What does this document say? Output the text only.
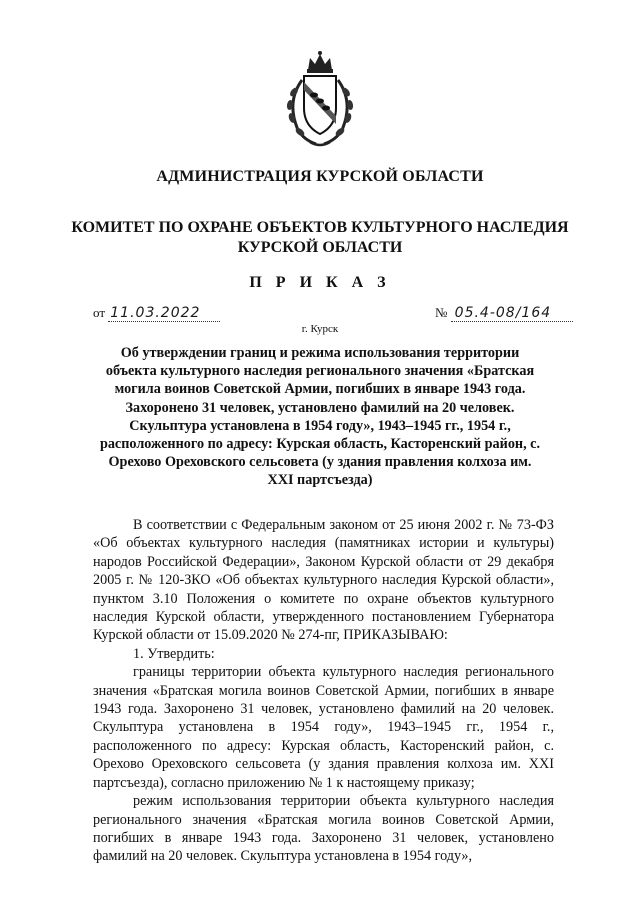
АДМИНИСТРАЦИЯ КУРСКОЙ ОБЛАСТИ
КОМИТЕТ ПО ОХРАНЕ ОБЪЕКТОВ КУЛЬТУРНОГО НАСЛЕДИЯ
КУРСКОЙ ОБЛАСТИ
П Р И К А З
от 11.03.2022	№ 05.4-08/164
г. Курск
Об утверждении границ и режима использования территории объекта культурного наследия регионального значения «Братская могила воинов Советской Армии, погибших в январе 1943 года. Захоронено 31 человек, установлено фамилий на 20 человек. Скульптура установлена в 1954 году», 1943–1945 гг., 1954 г., расположенного по адресу: Курская область, Касторенский район, с. Орехово Ореховского сельсовета (у здания правления колхоза им. XXI партсъезда)

В соответствии с Федеральным законом от 25 июня 2002 г. № 73-ФЗ «Об объектах культурного наследия (памятниках истории и культуры) народов Российской Федерации», Законом Курской области от 29 декабря 2005 г. № 120-ЗКО «Об объектах культурного наследия Курской области», пунктом 3.10 Положения о комитете по охране объектов культурного наследия Курской области, утвержденного постановлением Губернатора Курской области от 15.09.2020 № 274-пг, ПРИКАЗЫВАЮ:

1. Утвердить:

границы территории объекта культурного наследия регионального значения «Братская могила воинов Советской Армии, погибших в январе 1943 года. Захоронено 31 человек, установлено фамилий на 20 человек. Скульптура установлена в 1954 году», 1943–1945 гг., 1954 г., расположенного по адресу: Курская область, Касторенский район, с. Орехово Ореховского сельсовета (у здания правления колхоза им. XXI партсъезда), согласно приложению № 1 к настоящему приказу;

режим использования территории объекта культурного наследия регионального значения «Братская могила воинов Советской Армии, погибших в январе 1943 года. Захоронено 31 человек, установлено фамилий на 20 человек. Скульптура установлена в 1954 году»,
